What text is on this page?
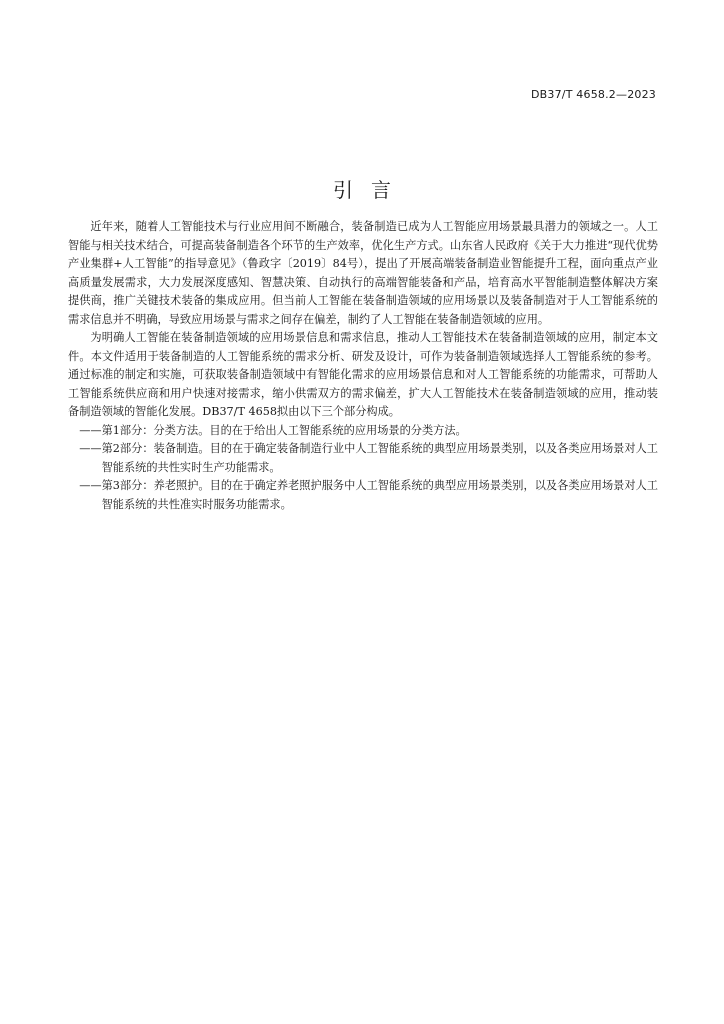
DB37/T 4658.2—2023
引言

近年来，随着人工智能技术与行业应用间不断融合，装备制造已成为人工智能应用场景最具潜力的领域之一。人工智能与相关技术结合，可提高装备制造各个环节的生产效率，优化生产方式。山东省人民政府《关于大力推进“现代优势产业集群+人工智能”的指导意见》（鲁政字〔2019〕84号），提出了开展高端装备制造业智能提升工程，面向重点产业高质量发展需求，大力发展深度感知、智慧决策、自动执行的高端智能装备和产品，培育高水平智能制造整体解决方案提供商，推广关键技术装备的集成应用。但当前人工智能在装备制造领域的应用场景以及装备制造对于人工智能系统的需求信息并不明确，导致应用场景与需求之间存在偏差，制约了人工智能在装备制造领域的应用。

为明确人工智能在装备制造领域的应用场景信息和需求信息，推动人工智能技术在装备制造领域的应用，制定本文件。本文件适用于装备制造的人工智能系统的需求分析、研发及设计，可作为装备制造领域选择人工智能系统的参考。通过标准的制定和实施，可获取装备制造领域中有智能化需求的应用场景信息和对人工智能系统的功能需求，可帮助人工智能系统供应商和用户快速对接需求，缩小供需双方的需求偏差，扩大人工智能技术在装备制造领域的应用，推动装备制造领域的智能化发展。DB37/T 4658拟由以下三个部分构成。

——第1部分：分类方法。目的在于给出人工智能系统的应用场景的分类方法。

——第2部分：装备制造。目的在于确定装备制造行业中人工智能系统的典型应用场景类别，以及各类应用场景对人工智能系统的共性实时生产功能需求。

——第3部分：养老照护。目的在于确定养老照护服务中人工智能系统的典型应用场景类别，以及各类应用场景对人工智能系统的共性准实时服务功能需求。
